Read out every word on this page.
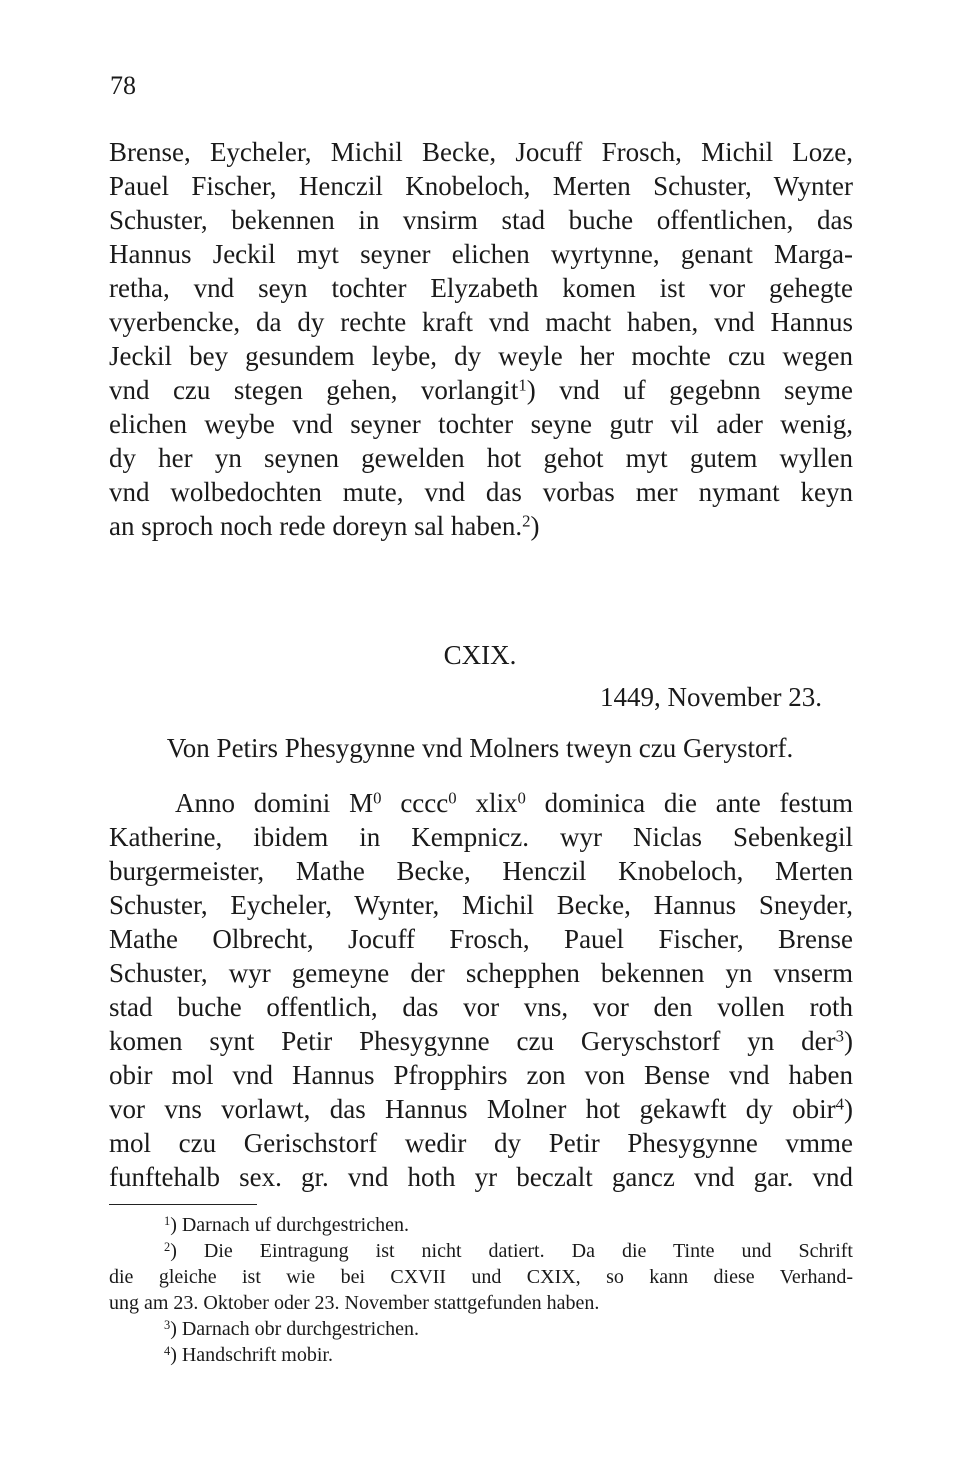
78
Brense, Eycheler, Michil Becke, Jocuff Frosch, Michil Loze,
Pauel Fischer, Henczil Knobeloch, Merten Schuster, Wynter
Schuster, bekennen in vnsirm stad buche offentlichen, das
Hannus Jeckil myt seyner elichen wyrtynne, genant Marga-
retha, vnd seyn tochter Elyzabeth komen ist vor gehegte
vyerbencke, da dy rechte kraft vnd macht haben, vnd Hannus
Jeckil bey gesundem leybe, dy weyle her mochte czu wegen
vnd czu stegen gehen, vorlangit$^1$) vnd uf gegebnn seyme
elichen weybe vnd seyner tochter seyne gutr vil ader wenig,
dy her yn seynen gewelden hot gehot myt gutem wyllen
vnd wolbedochten mute, vnd das vorbas mer nymant keyn
an sproch noch rede doreyn sal haben.$^2$)
CXIX.
1449, November 23.
Von Petirs Phesygynne vnd Molners tweyn czu Gerystorf.
Anno domini $M^0$ cccc$^0$ xlix$^0$ dominica die ante festum
Katherine, ibidem in Kempnicz. wyr Niclas Sebenkegil
burgermeister, Mathe Becke, Henczil Knobeloch, Merten
Schuster, Eycheler, Wynter, Michil Becke, Hannus Sneyder,
Mathe Olbrecht, Jocuff Frosch, Pauel Fischer, Brense
Schuster, wyr gemeyne der schepphen bekennen yn vnserm
stad buche offentlich, das vor vns, vor den vollen roth
komen synt Petir Phesygynne czu Geryschstorf yn der$^3$)
obir mol vnd Hannus Pfropphirs zon von Bense vnd haben
vor vns vorlawt, das Hannus Molner hot gekawft dy obir$^4$)
mol czu Gerischstorf wedir dy Petir Phesygynne vmme
funftehalb sex. gr. vnd hoth yr beczalt gancz vnd gar. vnd
$^1$) Darnach uf durchgestrichen.
$^2$) Die Eintragung ist nicht datiert. Da die Tinte und Schrift
die gleiche ist wie bei CXVII und CXIX, so kann diese Verhand-
ung am 23. Oktober oder 23. November stattgefunden haben.
$^3$) Darnach obr durchgestrichen.
$^4$) Handschrift mobir.
